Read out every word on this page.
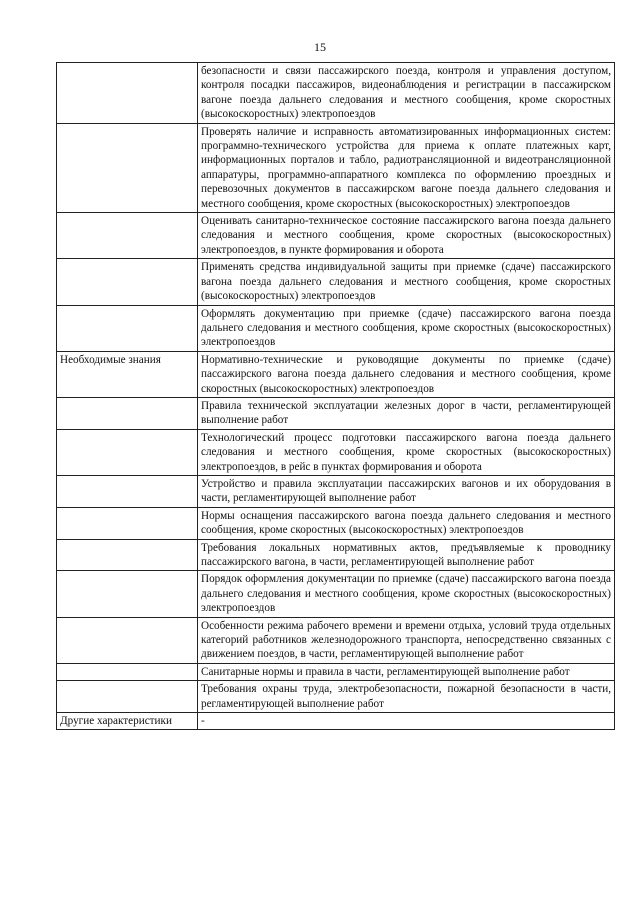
15
	безопасности и связи пассажирского поезда, контроля и управления доступом, контроля посадки пассажиров, видеонаблюдения и регистрации в пассажирском вагоне поезда дальнего следования и местного сообщения, кроме скоростных (высокоскоростных) электропоездов
	Проверять наличие и исправность автоматизированных информационных систем: программно-технического устройства для приема к оплате платежных карт, информационных порталов и табло, радиотрансляционной и видеотрансляционной аппаратуры, программно-аппаратного комплекса по оформлению проездных и перевозочных документов в пассажирском вагоне поезда дальнего следования и местного сообщения, кроме скоростных (высокоскоростных) электропоездов
	Оценивать санитарно-техническое состояние пассажирского вагона поезда дальнего следования и местного сообщения, кроме скоростных (высокоскоростных) электропоездов, в пункте формирования и оборота
	Применять средства индивидуальной защиты при приемке (сдаче) пассажирского вагона поезда дальнего следования и местного сообщения, кроме скоростных (высокоскоростных) электропоездов
	Оформлять документацию при приемке (сдаче) пассажирского вагона поезда дальнего следования и местного сообщения, кроме скоростных (высокоскоростных) электропоездов
Необходимые знания	Нормативно-технические и руководящие документы по приемке (сдаче) пассажирского вагона поезда дальнего следования и местного сообщения, кроме скоростных (высокоскоростных) электропоездов
	Правила технической эксплуатации железных дорог в части, регламентирующей выполнение работ
	Технологический процесс подготовки пассажирского вагона поезда дальнего следования и местного сообщения, кроме скоростных (высокоскоростных) электропоездов, в рейс в пунктах формирования и оборота
	Устройство и правила эксплуатации пассажирских вагонов и их оборудования в части, регламентирующей выполнение работ
	Нормы оснащения пассажирского вагона поезда дальнего следования и местного сообщения, кроме скоростных (высокоскоростных) электропоездов
	Требования локальных нормативных актов, предъявляемые к проводнику пассажирского вагона, в части, регламентирующей выполнение работ
	Порядок оформления документации по приемке (сдаче) пассажирского вагона поезда дальнего следования и местного сообщения, кроме скоростных (высокоскоростных) электропоездов
	Особенности режима рабочего времени и времени отдыха, условий труда отдельных категорий работников железнодорожного транспорта, непосредственно связанных с движением поездов, в части, регламентирующей выполнение работ
	Санитарные нормы и правила в части, регламентирующей выполнение работ
	Требования охраны труда, электробезопасности, пожарной безопасности в части, регламентирующей выполнение работ
Другие характеристики	-
